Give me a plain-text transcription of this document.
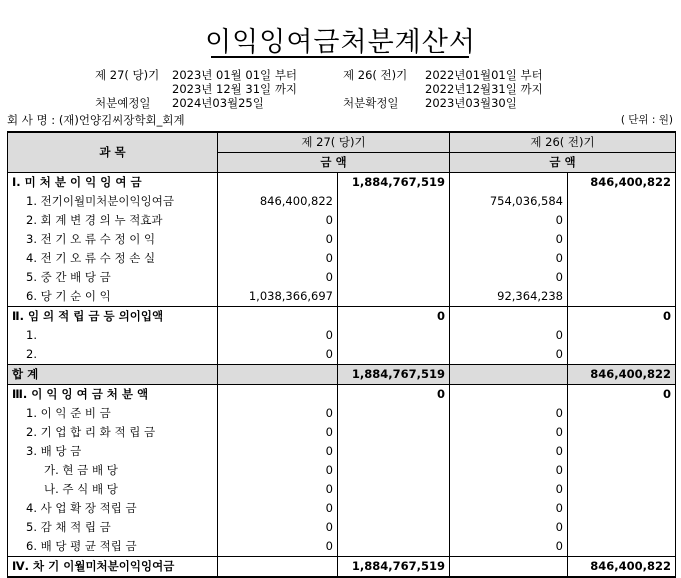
이익잉여금처분계산서
제 27( 당)기 2023년 01월 01일 부터
2023년 12월 31일 까지
제 26( 전)기 2022년01월01일 부터
2022년12월31일 까지
처분예정일 2024년03월25일	처분확정일 2023년03월30일
회 사 명 : (재)언양김씨장학회_회계	( 단위 : 원)
과 목	제 27( 당)기		제 26( 전)기	
	금 액		금 액	
Ⅰ. 미 처 분 이 익 잉 여 금		1,884,767,519		846,400,822
1. 전기이월미처분이익잉여금	846,400,822		754,036,584	
2. 회 계 변 경 의 누 적효과	0		0	
3. 전 기 오 류 수 정 이 익	0		0	
4. 전 기 오 류 수 정 손 실	0		0	
5. 중 간 배 당 금	0		0	
6. 당 기 순 이 익	1,038,366,697		92,364,238	
Ⅱ. 임 의 적 립 금 등 의이입액		0		0
1.	0		0	
2.	0		0	
합 계		1,884,767,519		846,400,822
Ⅲ. 이 익 잉 여 금 처 분 액		0		0
1. 이 익 준 비 금	0		0	
2. 기 업 합 리 화 적 립 금	0		0	
3. 배 당 금	0		0	
가. 현 금 배 당	0		0	
나. 주 식 배 당	0		0	
4. 사 업 확 장 적립 금	0		0	
5. 감 채 적 립 금	0		0	
6. 배 당 평 균 적립 금	0		0	
Ⅳ. 차 기 이월미처분이익잉여금		1,884,767,519		846,400,822
